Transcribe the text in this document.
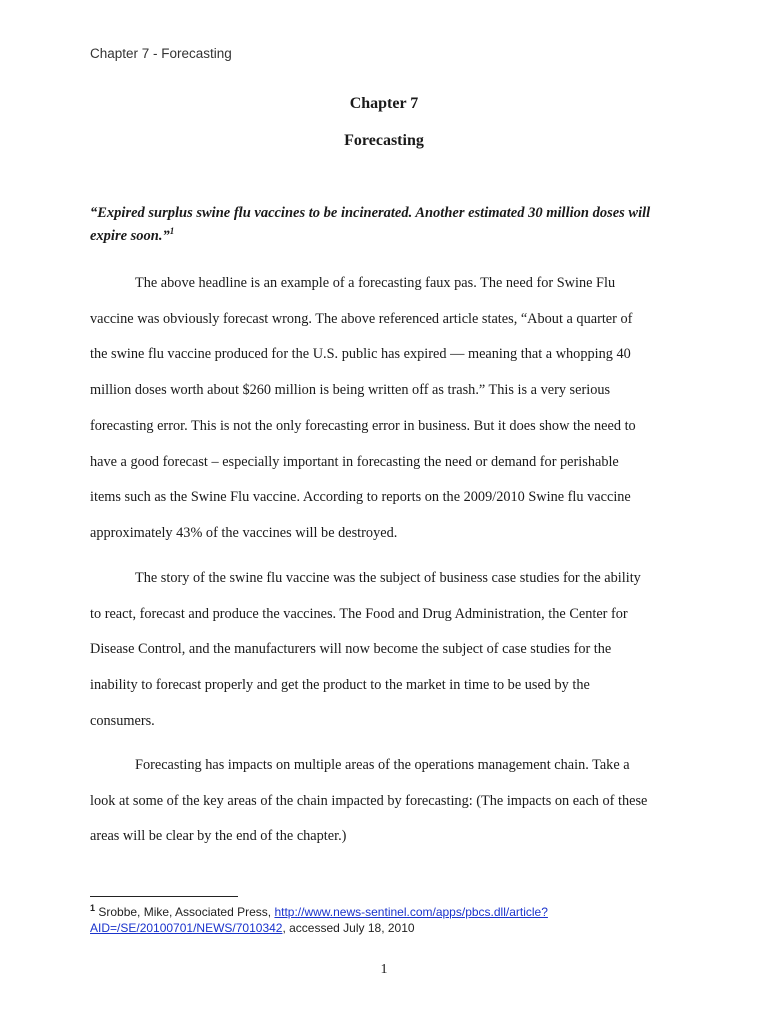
Chapter 7 - Forecasting
Chapter 7
Forecasting
“Expired surplus swine flu vaccines to be incinerated. Another estimated 30 million doses will expire soon.”$^1$
The above headline is an example of a forecasting faux pas. The need for Swine Flu
vaccine was obviously forecast wrong. The above referenced article states, “About a quarter of
the swine flu vaccine produced for the U.S. public has expired — meaning that a whopping 40
million doses worth about $260 million is being written off as trash.” This is a very serious
forecasting error. This is not the only forecasting error in business. But it does show the need to
have a good forecast – especially important in forecasting the need or demand for perishable
items such as the Swine Flu vaccine. According to reports on the 2009/2010 Swine flu vaccine
approximately 43% of the vaccines will be destroyed.
The story of the swine flu vaccine was the subject of business case studies for the ability
to react, forecast and produce the vaccines. The Food and Drug Administration, the Center for
Disease Control, and the manufacturers will now become the subject of case studies for the
inability to forecast properly and get the product to the market in time to be used by the
consumers.
Forecasting has impacts on multiple areas of the operations management chain. Take a
look at some of the key areas of the chain impacted by forecasting: (The impacts on each of these
areas will be clear by the end of the chapter.)
$^1$ Srobbe, Mike, Associated Press, http://www.news-sentinel.com/apps/pbcs.dll/article?
AID=/SE/20100701/NEWS/7010342, accessed July 18, 2010
1
